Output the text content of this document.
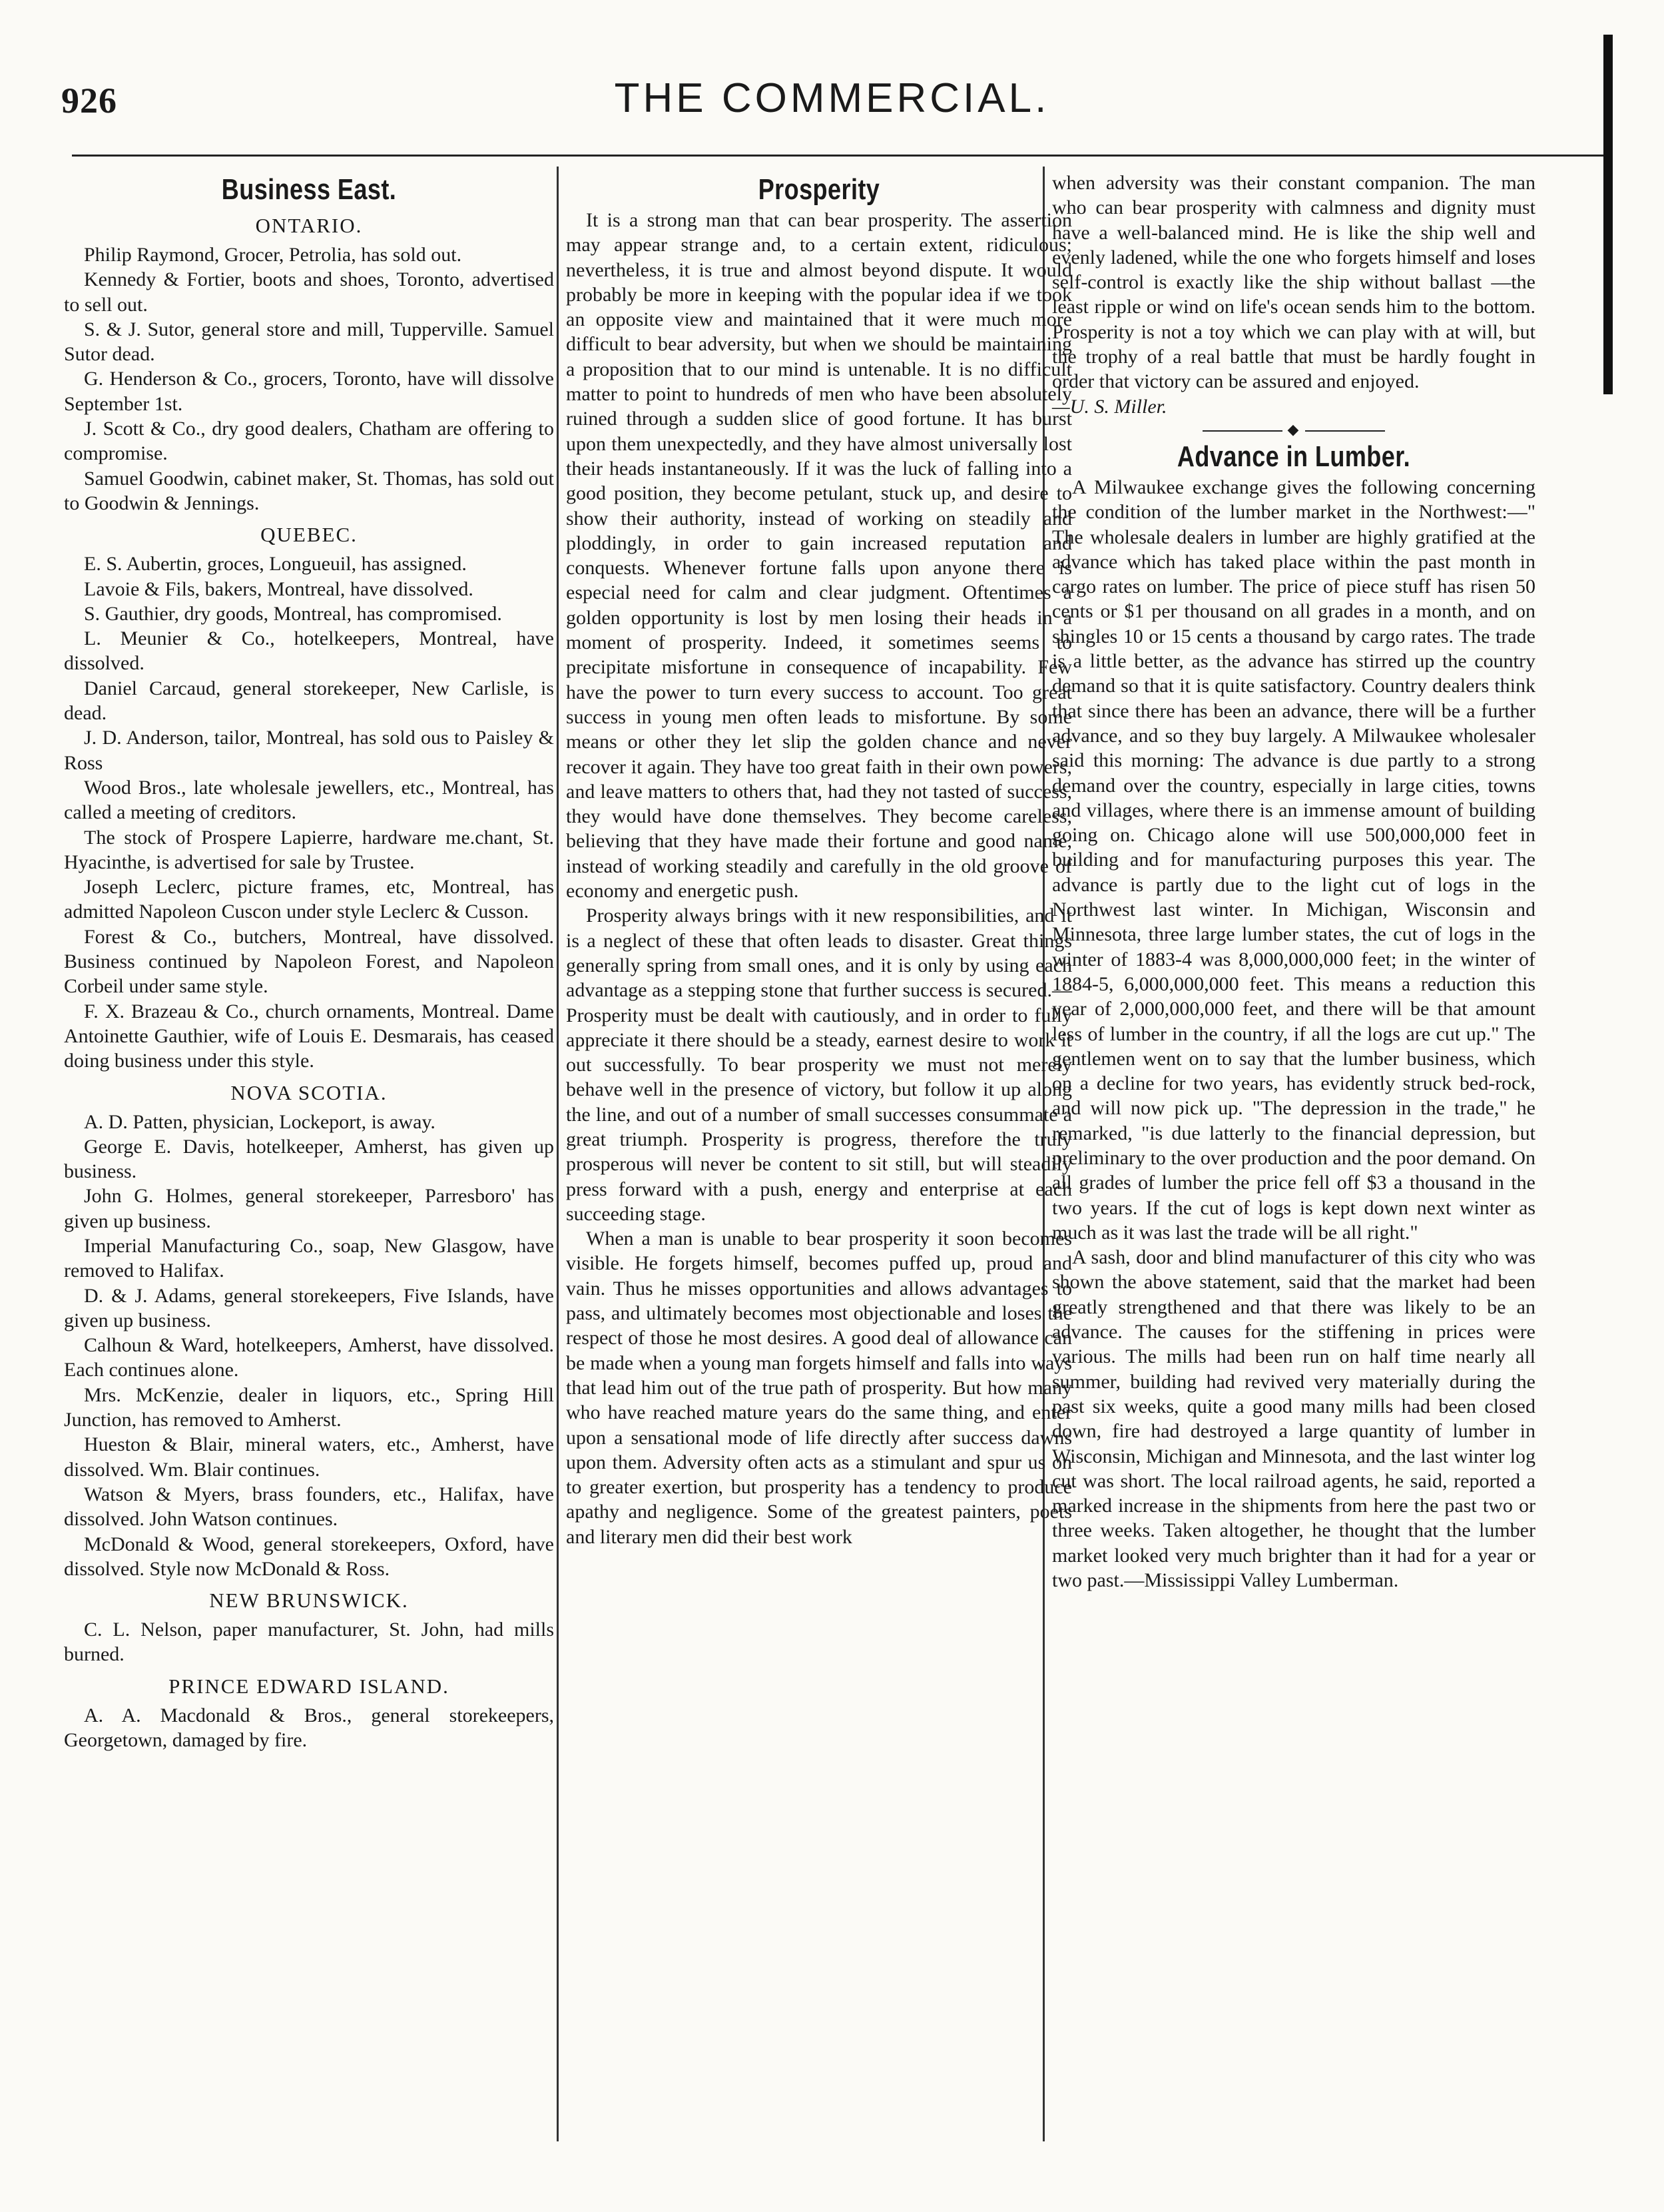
926	THE COMMERCIAL.
Business East.
ONTARIO.

Philip Raymond, Grocer, Petrolia, has sold out.

Kennedy & Fortier, boots and shoes, Toronto, advertised to sell out.

S. & J. Sutor, general store and mill, Tupperville. Samuel Sutor dead.

G. Henderson & Co., grocers, Toronto, have will dissolve September 1st.

J. Scott & Co., dry good dealers, Chatham are offering to compromise.

Samuel Goodwin, cabinet maker, St. Thomas, has sold out to Goodwin & Jennings.

QUEBEC.

E. S. Aubertin, groces, Longueuil, has assigned.

Lavoie & Fils, bakers, Montreal, have dissolved.

S. Gauthier, dry goods, Montreal, has compromised.

L. Meunier & Co., hotelkeepers, Montreal, have dissolved.

Daniel Carcaud, general storekeeper, New Carlisle, is dead.

J. D. Anderson, tailor, Montreal, has sold ous to Paisley & Ross

Wood Bros., late wholesale jewellers, etc., Montreal, has called a meeting of creditors.

The stock of Prospere Lapierre, hardware me.chant, St. Hyacinthe, is advertised for sale by Trustee.

Joseph Leclerc, picture frames, etc, Montreal, has admitted Napoleon Cuscon under style Leclerc & Cusson.

Forest & Co., butchers, Montreal, have dissolved. Business continued by Napoleon Forest, and Napoleon Corbeil under same style.

F. X. Brazeau & Co., church ornaments, Montreal. Dame Antoinette Gauthier, wife of Louis E. Desmarais, has ceased doing business under this style.

NOVA SCOTIA.

A. D. Patten, physician, Lockeport, is away.

George E. Davis, hotelkeeper, Amherst, has given up business.

John G. Holmes, general storekeeper, Parresboro' has given up business.

Imperial Manufacturing Co., soap, New Glasgow, have removed to Halifax.

D. & J. Adams, general storekeepers, Five Islands, have given up business.

Calhoun & Ward, hotelkeepers, Amherst, have dissolved. Each continues alone.

Mrs. McKenzie, dealer in liquors, etc., Spring Hill Junction, has removed to Amherst.

Hueston & Blair, mineral waters, etc., Amherst, have dissolved. Wm. Blair continues.

Watson & Myers, brass founders, etc., Halifax, have dissolved. John Watson continues.

McDonald & Wood, general storekeepers, Oxford, have dissolved. Style now McDonald & Ross.

NEW BRUNSWICK.

C. L. Nelson, paper manufacturer, St. John, had mills burned.

PRINCE EDWARD ISLAND.

A. A. Macdonald & Bros., general storekeepers, Georgetown, damaged by fire.

Prosperity

It is a strong man that can bear prosperity. The assertion may appear strange and, to a certain extent, ridiculous; nevertheless, it is true and almost beyond dispute. It would probably be more in keeping with the popular idea if we took an opposite view and maintained that it were much more difficult to bear adversity, but when we should be maintaining a proposition that to our mind is untenable. It is no difficult matter to point to hundreds of men who have been absolutely ruined through a sudden slice of good fortune. It has burst upon them unexpectedly, and they have almost universally lost their heads instantaneously. If it was the luck of falling into a good position, they become petulant, stuck up, and desire to show their authority, instead of working on steadily and ploddingly, in order to gain increased reputation and conquests. Whenever fortune falls upon anyone there is especial need for calm and clear judgment. Oftentimes a golden opportunity is lost by men losing their heads in a moment of prosperity. Indeed, it sometimes seems to precipitate misfortune in consequence of incapability. Few have the power to turn every success to account. Too great success in young men often leads to misfortune. By some means or other they let slip the golden chance and never recover it again. They have too great faith in their own powers, and leave matters to others that, had they not tasted of success, they would have done themselves. They become careless, believing that they have made their fortune and good name, instead of working steadily and carefully in the old groove of economy and energetic push.

Prosperity always brings with it new responsibilities, and it is a neglect of these that often leads to disaster. Great things generally spring from small ones, and it is only by using each advantage as a stepping stone that further success is secured.—Prosperity must be dealt with cautiously, and in order to fully appreciate it there should be a steady, earnest desire to work it out successfully. To bear prosperity we must not merely behave well in the presence of victory, but follow it up along the line, and out of a number of small successes consummate a great triumph. Prosperity is progress, therefore the truly prosperous will never be content to sit still, but will steadily press forward with a push, energy and enterprise at each succeeding stage.

When a man is unable to bear prosperity it soon becomes visible. He forgets himself, becomes puffed up, proud and vain. Thus he misses opportunities and allows advantages to pass, and ultimately becomes most objectionable and loses the respect of those he most desires. A good deal of allowance can be made when a young man forgets himself and falls into ways that lead him out of the true path of prosperity. But how many who have reached mature years do the same thing, and enter upon a sensational mode of life directly after success dawns upon them. Adversity often acts as a stimulant and spur us on to greater exertion, but prosperity has a tendency to produce apathy and negligence. Some of the greatest painters, poets and literary men did their best work

when adversity was their constant companion. The man who can bear prosperity with calmness and dignity must have a well-balanced mind. He is like the ship well and evenly ladened, while the one who forgets himself and loses self-control is exactly like the ship without ballast —the least ripple or wind on life's ocean sends him to the bottom. Prosperity is not a toy which we can play with at will, but the trophy of a real battle that must be hardly fought in order that victory can be assured and enjoyed.

—U. S. Miller.

◆
Advance in Lumber.

A Milwaukee exchange gives the following concerning the condition of the lumber market in the Northwest:—" The wholesale dealers in lumber are highly gratified at the advance which has taked place within the past month in cargo rates on lumber. The price of piece stuff has risen 50 cents or $1 per thousand on all grades in a month, and on shingles 10 or 15 cents a thousand by cargo rates. The trade is a little better, as the advance has stirred up the country demand so that it is quite satisfactory. Country dealers think that since there has been an advance, there will be a further advance, and so they buy largely. A Milwaukee wholesaler said this morning: The advance is due partly to a strong demand over the country, especially in large cities, towns and villages, where there is an immense amount of building going on. Chicago alone will use 500,000,000 feet in building and for manufacturing purposes this year. The advance is partly due to the light cut of logs in the Northwest last winter. In Michigan, Wisconsin and Minnesota, three large lumber states, the cut of logs in the winter of 1883-4 was 8,000,000,000 feet; in the winter of 1884-5, 6,000,000,000 feet. This means a reduction this year of 2,000,000,000 feet, and there will be that amount less of lumber in the country, if all the logs are cut up." The gentlemen went on to say that the lumber business, which on a decline for two years, has evidently struck bed-rock, and will now pick up. "The depression in the trade," he remarked, "is due latterly to the financial depression, but preliminary to the over production and the poor demand. On all grades of lumber the price fell off $3 a thousand in the two years. If the cut of logs is kept down next winter as much as it was last the trade will be all right."

A sash, door and blind manufacturer of this city who was shown the above statement, said that the market had been greatly strengthened and that there was likely to be an advance. The causes for the stiffening in prices were various. The mills had been run on half time nearly all summer, building had revived very materially during the past six weeks, quite a good many mills had been closed down, fire had destroyed a large quantity of lumber in Wisconsin, Michigan and Minnesota, and the last winter log cut was short. The local railroad agents, he said, reported a marked increase in the shipments from here the past two or three weeks. Taken altogether, he thought that the lumber market looked very much brighter than it had for a year or two past.—Mississippi Valley Lumberman.
